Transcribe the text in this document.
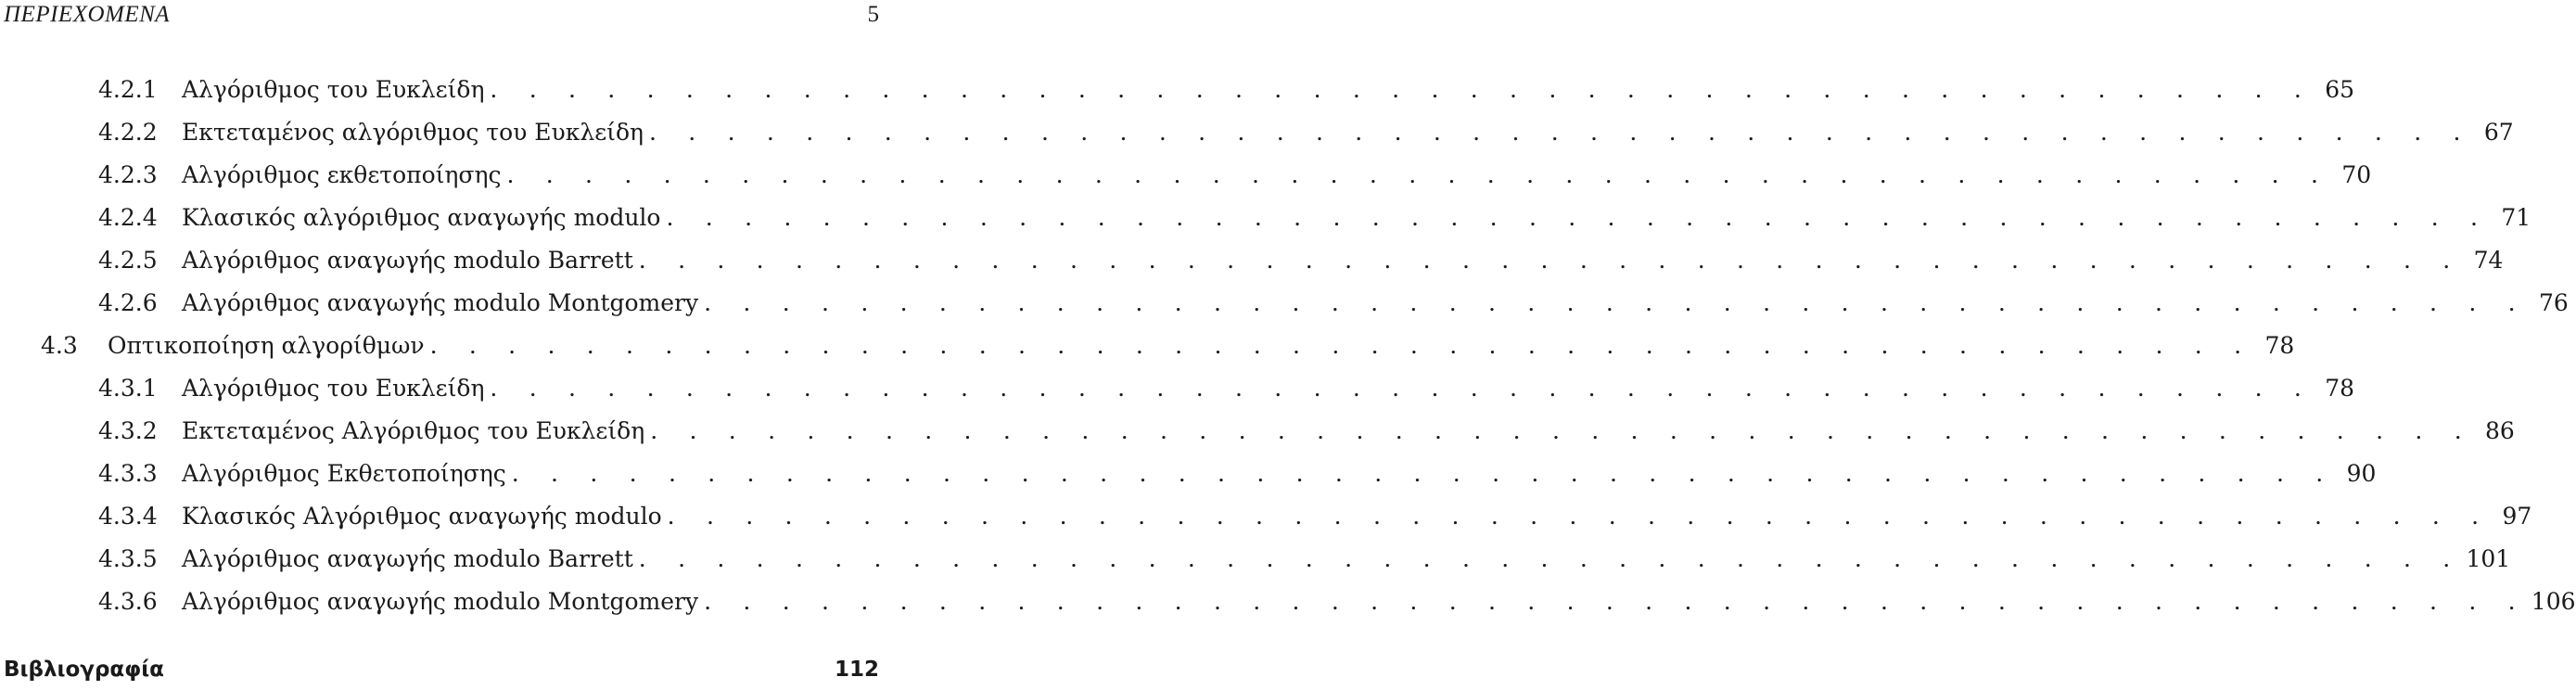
ΠΕΡΙΕΧΟΜΕΝΑ	5
4.2.1	Αλγόριθμος του Ευκλείδη . . . . . . . . . . . . . . . . . . . . . . . . . . . . . . . . . . . . . . . . . . . . . . . 65
4.2.2	Εκτεταμένος αλγόριθμος του Ευκλείδη . . . . . . . . . . . . . . . . . . . . . . . . . . . . . . . . . . . . . . . . . . . . . . . 67
4.2.3	Αλγόριθμος εκθετοποίησης . . . . . . . . . . . . . . . . . . . . . . . . . . . . . . . . . . . . . . . . . . . . . . . 70
4.2.4	Κλασικός αλγόριθμος αναγωγής modulo . . . . . . . . . . . . . . . . . . . . . . . . . . . . . . . . . . . . . . . . . . . . . . . 71
4.2.5	Αλγόριθμος αναγωγής modulo Barrett . . . . . . . . . . . . . . . . . . . . . . . . . . . . . . . . . . . . . . . . . . . . . . . 74
4.2.6	Αλγόριθμος αναγωγής modulo Montgomery . . . . . . . . . . . . . . . . . . . . . . . . . . . . . . . . . . . . . . . . . . . . . . . 76
4.3	Οπτικοποίηση αλγορίθμων . . . . . . . . . . . . . . . . . . . . . . . . . . . . . . . . . . . . . . . . . . . . . . . 78
4.3.1	Αλγόριθμος του Ευκλείδη . . . . . . . . . . . . . . . . . . . . . . . . . . . . . . . . . . . . . . . . . . . . . . . 78
4.3.2	Εκτεταμένος Αλγόριθμος του Ευκλείδη . . . . . . . . . . . . . . . . . . . . . . . . . . . . . . . . . . . . . . . . . . . . . . . 86
4.3.3	Αλγόριθμος Εκθετοποίησης . . . . . . . . . . . . . . . . . . . . . . . . . . . . . . . . . . . . . . . . . . . . . . . 90
4.3.4	Κλασικός Αλγόριθμος αναγωγής modulo . . . . . . . . . . . . . . . . . . . . . . . . . . . . . . . . . . . . . . . . . . . . . . . 97
4.3.5	Αλγόριθμος αναγωγής modulo Barrett . . . . . . . . . . . . . . . . . . . . . . . . . . . . . . . . . . . . . . . . . . . . . . . 101
4.3.6	Αλγόριθμος αναγωγής modulo Montgomery . . . . . . . . . . . . . . . . . . . . . . . . . . . . . . . . . . . . . . . . . . . . . . . 106
Βιβλιογραφία	112
